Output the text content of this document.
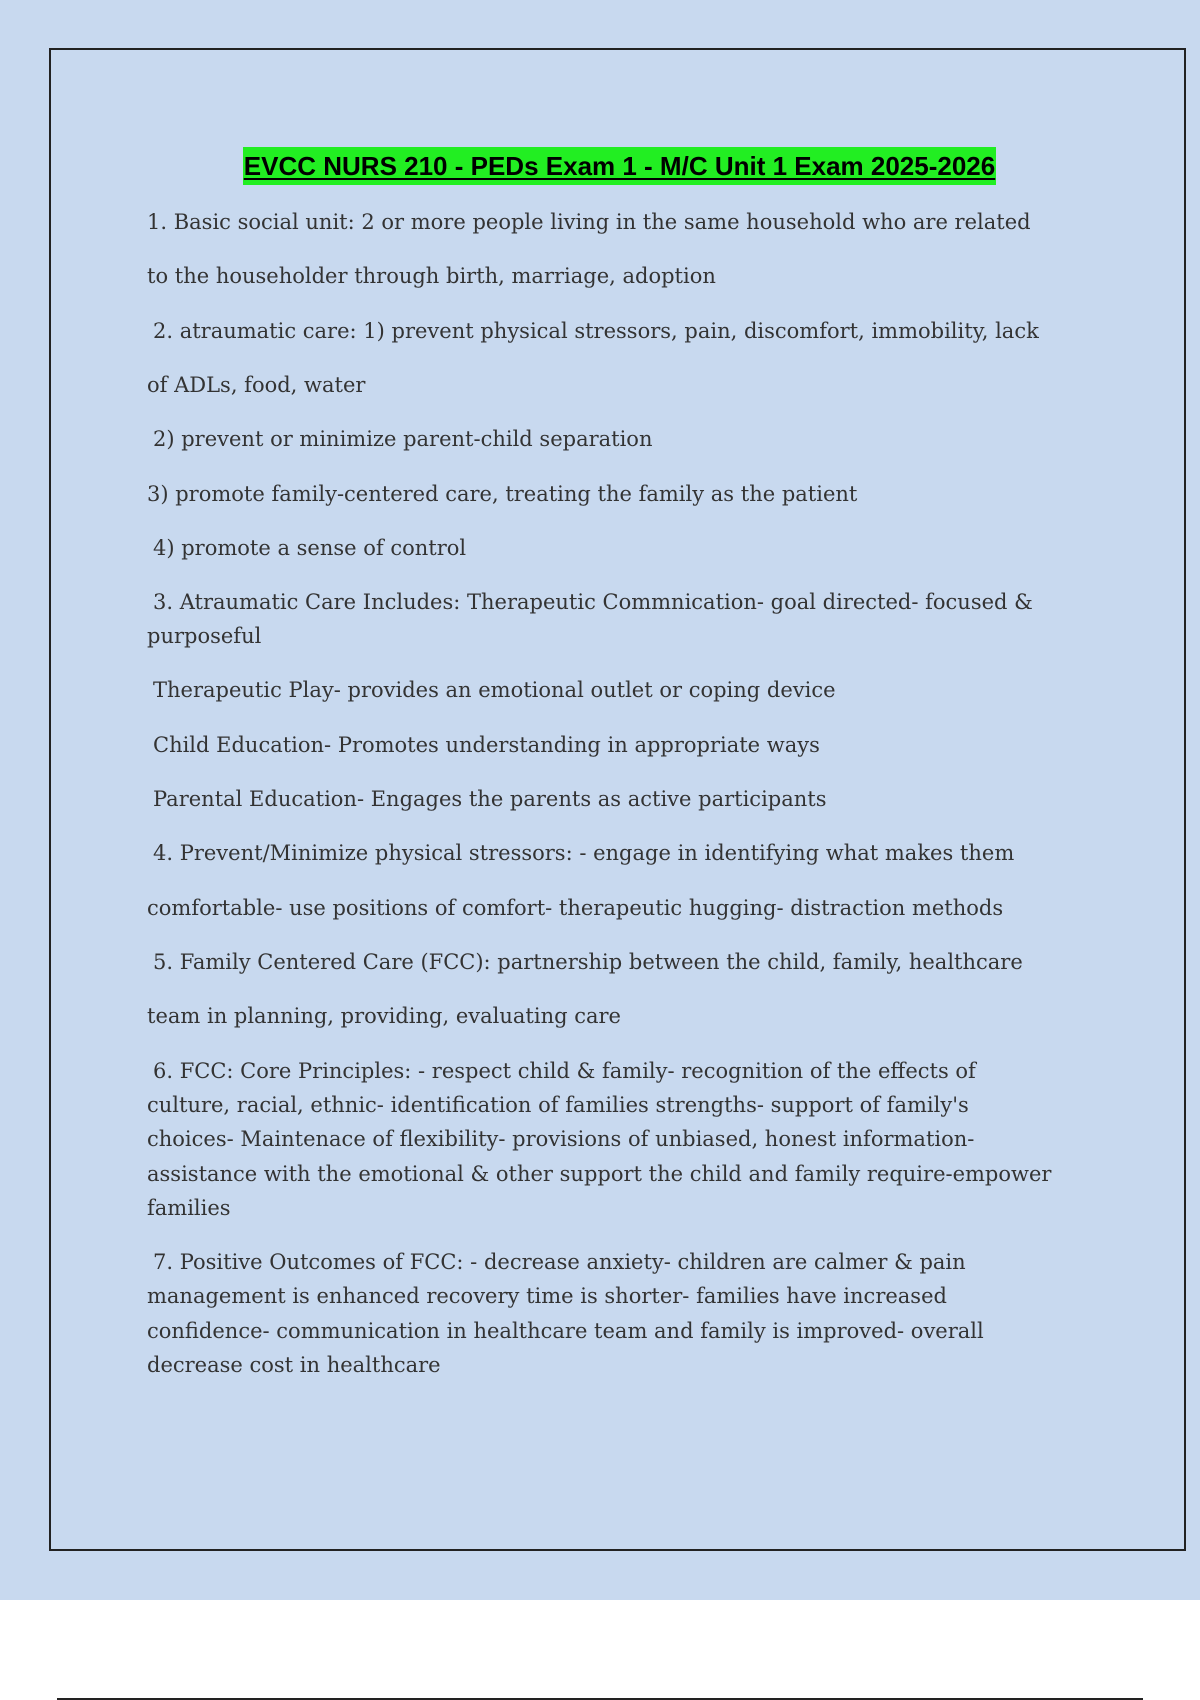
EVCC NURS 210 - PEDs Exam 1 - M/C Unit 1 Exam 2025-2026
1. Basic social unit: 2 or more people living in the same household who are related
to the householder through birth, marriage, adoption
2. atraumatic care: 1) prevent physical stressors, pain, discomfort, immobility, lack
of ADLs, food, water
2) prevent or minimize parent-child separation
3) promote family-centered care, treating the family as the patient
4) promote a sense of control
3. Atraumatic Care Includes: Therapeutic Commnication- goal directed- focused &
purposeful
Therapeutic Play- provides an emotional outlet or coping device
Child Education- Promotes understanding in appropriate ways
Parental Education- Engages the parents as active participants
4. Prevent/Minimize physical stressors: - engage in identifying what makes them
comfortable- use positions of comfort- therapeutic hugging- distraction methods
5. Family Centered Care (FCC): partnership between the child, family, healthcare
team in planning, providing, evaluating care
6. FCC: Core Principles: - respect child & family- recognition of the effects of
culture, racial, ethnic- identification of families strengths- support of family's
choices- Maintenace of flexibility- provisions of unbiased, honest information-
assistance with the emotional & other support the child and family require-empower
families
7. Positive Outcomes of FCC: - decrease anxiety- children are calmer & pain
management is enhanced recovery time is shorter- families have increased
confidence- communication in healthcare team and family is improved- overall
decrease cost in healthcare
